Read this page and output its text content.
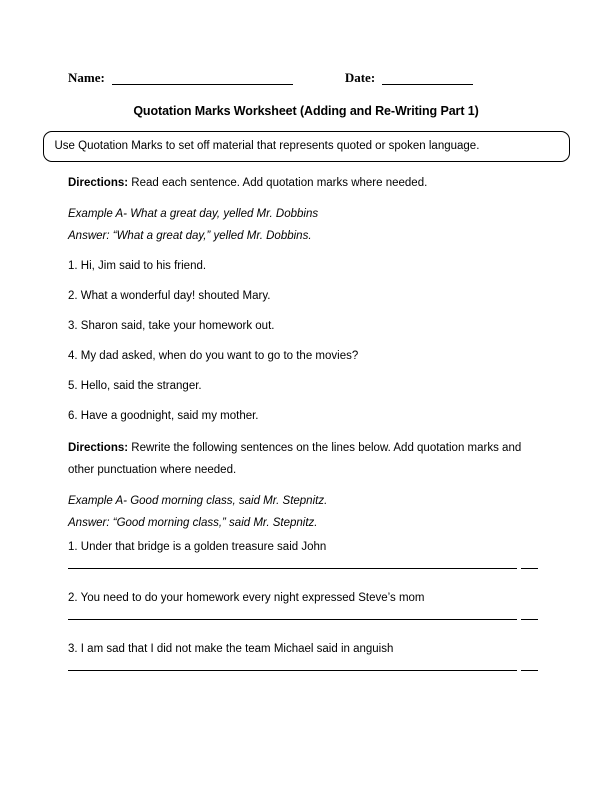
Name:	Date:
Quotation Marks Worksheet (Adding and Re-Writing Part 1)
Use Quotation Marks to set off material that represents quoted or spoken language.
Directions: Read each sentence. Add quotation marks where needed.
Example A- What a great day, yelled Mr. Dobbins
Answer: “What a great day,” yelled Mr. Dobbins.
1. Hi, Jim said to his friend.
2. What a wonderful day! shouted Mary.
3. Sharon said, take your homework out.
4. My dad asked, when do you want to go to the movies?
5. Hello, said the stranger.
6. Have a goodnight, said my mother.
Directions: Rewrite the following sentences on the lines below. Add quotation marks and other punctuation where needed.
Example A- Good morning class, said Mr. Stepnitz.
Answer: “Good morning class,” said Mr. Stepnitz.
1. Under that bridge is a golden treasure said John
2. You need to do your homework every night expressed Steve’s mom
3. I am sad that I did not make the team Michael said in anguish
